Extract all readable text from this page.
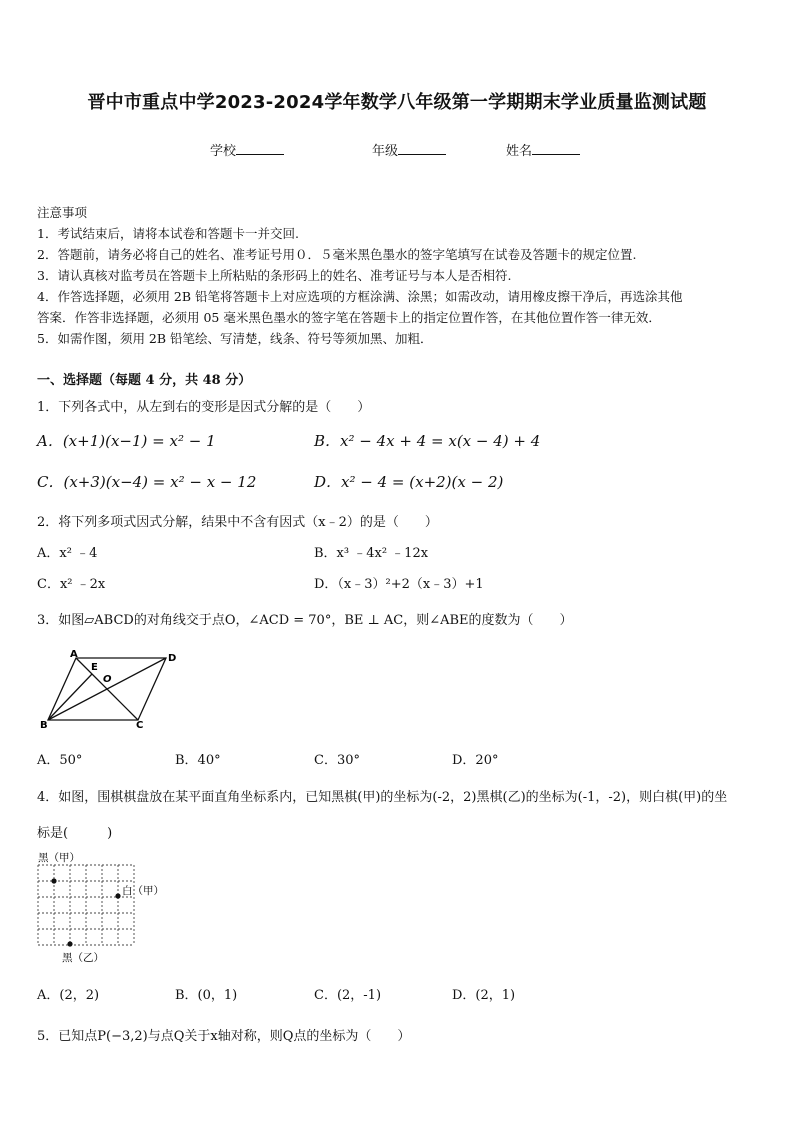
晋中市重点中学2023-2024学年数学八年级第一学期期末学业质量监测试题
学校	年级	姓名
注意事项
1．考试结束后，请将本试卷和答题卡一并交回.
2．答题前，请务必将自己的姓名、准考证号用０．５毫米黑色墨水的签字笔填写在试卷及答题卡的规定位置.
3．请认真核对监考员在答题卡上所粘贴的条形码上的姓名、准考证号与本人是否相符.
4．作答选择题，必须用 2B 铅笔将答题卡上对应选项的方框涂满、涂黑；如需改动，请用橡皮擦干净后，再选涂其他
答案．作答非选择题，必须用 05 毫米黑色墨水的签字笔在答题卡上的指定位置作答，在其他位置作答一律无效．
5．如需作图，须用 2B 铅笔绘、写清楚，线条、符号等须加黑、加粗．
一、选择题（每题 4 分，共 48 分）
1．下列各式中，从左到右的变形是因式分解的是（　　）
A．(x+1)(x−1) = x² − 1	B．x² − 4x + 4 = x(x − 4) + 4
C．(x+3)(x−4) = x² − x − 12	D．x² − 4 = (x+2)(x − 2)
2．将下列多项式因式分解，结果中不含有因式（x﹣2）的是（　　）
A．x² ﹣4	B．x³ ﹣4x² ﹣12x
C．x² ﹣2x	D．（x﹣3）²+2（x﹣3）+1
3．如图▱ABCD的对角线交于点O，∠ACD = 70°，BE ⊥ AC，则∠ABE的度数为（　　）
A	D
B	C
E
O
A．50°	B．40°	C．30°	D．20°
4．如图，围棋棋盘放在某平面直角坐标系内，已知黑棋(甲)的坐标为(-2，2)黑棋(乙)的坐标为(-1，-2)，则白棋(甲)的坐
标是(　　　)
黑（甲）
白（甲）
黑（乙）
A．(2，2)	B．(0，1)	C．(2，-1)	D．(2，1)
5．已知点P(−3,2)与点Q关于x轴对称，则Q点的坐标为（　　）
